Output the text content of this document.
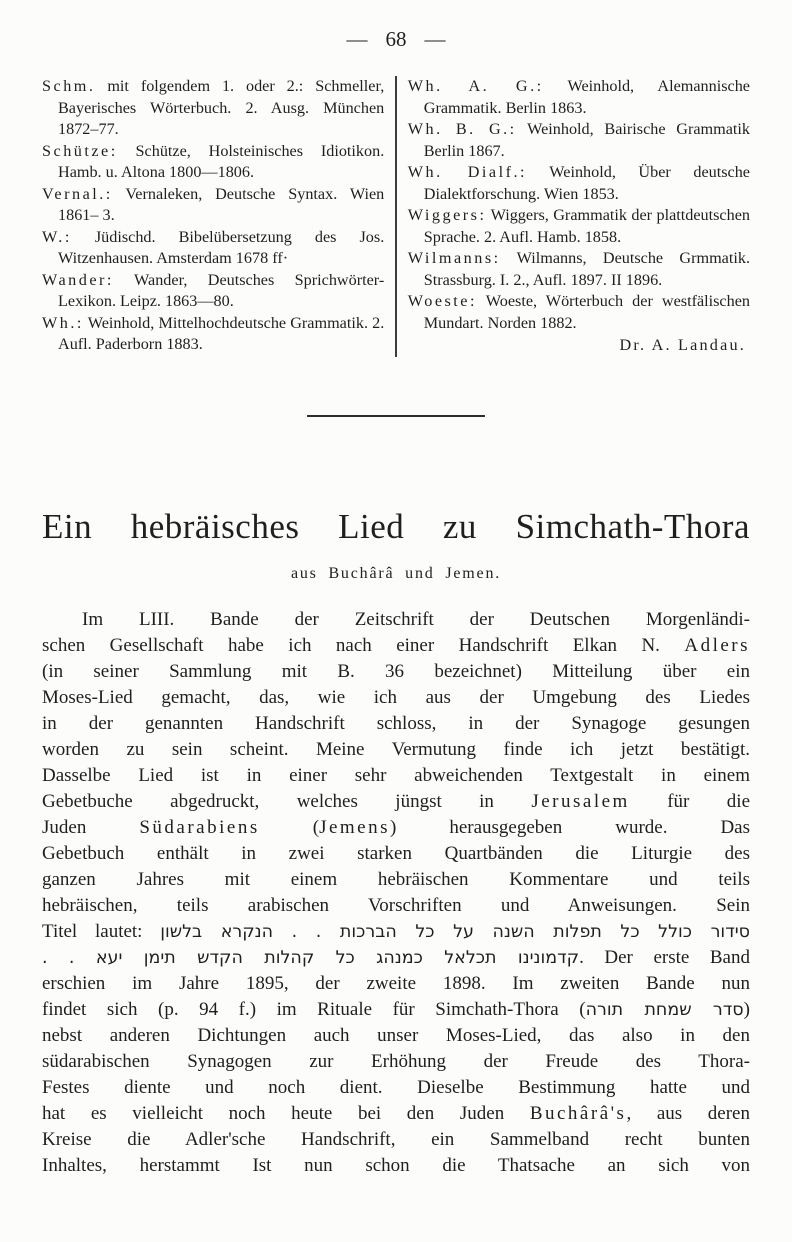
— 68 —
Schm. mit folgendem 1. oder 2.: Schmeller, Bayerisches Wörterbuch. 2. Ausg. München 1872–77.
Schütze: Schütze, Holsteinisches Idiotikon. Hamb. u. Altona 1800—1806.
Vernal.: Vernaleken, Deutsche Syntax. Wien 1861– 3.
W.: Jüdischd. Bibelübersetzung des Jos. Witzenhausen. Amsterdam 1678 ff·
Wander: Wander, Deutsches Sprichwörter-Lexikon. Leipz. 1863—80.
Wh.: Weinhold, Mittelhochdeutsche Grammatik. 2. Aufl. Paderborn 1883.
Wh. A. G.: Weinhold, Alemannische Grammatik. Berlin 1863.
Wh. B. G.: Weinhold, Bairische Grammatik Berlin 1867.
Wh. Dialf.: Weinhold, Über deutsche Dialektforschung. Wien 1853.
Wiggers: Wiggers, Grammatik der plattdeutschen Sprache. 2. Aufl. Hamb. 1858.
Wilmanns: Wilmanns, Deutsche Grmmatik. Strassburg. I. 2., Aufl. 1897. II 1896.
Woeste: Woeste, Wörterbuch der westfälischen Mundart. Norden 1882.
Dr. A. Landau.
Ein hebräisches Lied zu Simchath-Thora
aus Buchârâ und Jemen.
Im LIII. Bande der Zeitschrift der Deutschen Morgenländi-
schen Gesellschaft habe ich nach einer Handschrift Elkan N. Adlers
(in seiner Sammlung mit B. 36 bezeichnet) Mitteilung über ein
Moses-Lied gemacht, das, wie ich aus der Umgebung des Liedes
in der genannten Handschrift schloss, in der Synagoge gesungen
worden zu sein scheint. Meine Vermutung finde ich jetzt bestätigt.
Dasselbe Lied ist in einer sehr abweichenden Textgestalt in einem
Gebetbuche abgedruckt, welches jüngst in Jerusalem für die
Juden Südarabiens (Jemens) herausgegeben wurde. Das
Gebetbuch enthält in zwei starken Quartbänden die Liturgie des
ganzen Jahres mit einem hebräischen Kommentare und teils
hebräischen, teils arabischen Vorschriften und Anweisungen. Sein
Titel lautet: סידור כולל כל תפלות השנה על כל הברכות . . הנקרא בלשון
קדמונינו תכלאל כמנהג כל קהלות הקדש תימן יעא . .. Der erste Band
erschien im Jahre 1895, der zweite 1898. Im zweiten Bande nun
findet sich (p. 94 f.) im Rituale für Simchath-Thora (סדר שמחת תורה)
nebst anderen Dichtungen auch unser Moses-Lied, das also in den
südarabischen Synagogen zur Erhöhung der Freude des Thora-
Festes diente und noch dient. Dieselbe Bestimmung hatte und
hat es vielleicht noch heute bei den Juden Buchârâ's, aus deren
Kreise die Adler'sche Handschrift, ein Sammelband recht bunten
Inhaltes, herstammt Ist nun schon die Thatsache an sich von
